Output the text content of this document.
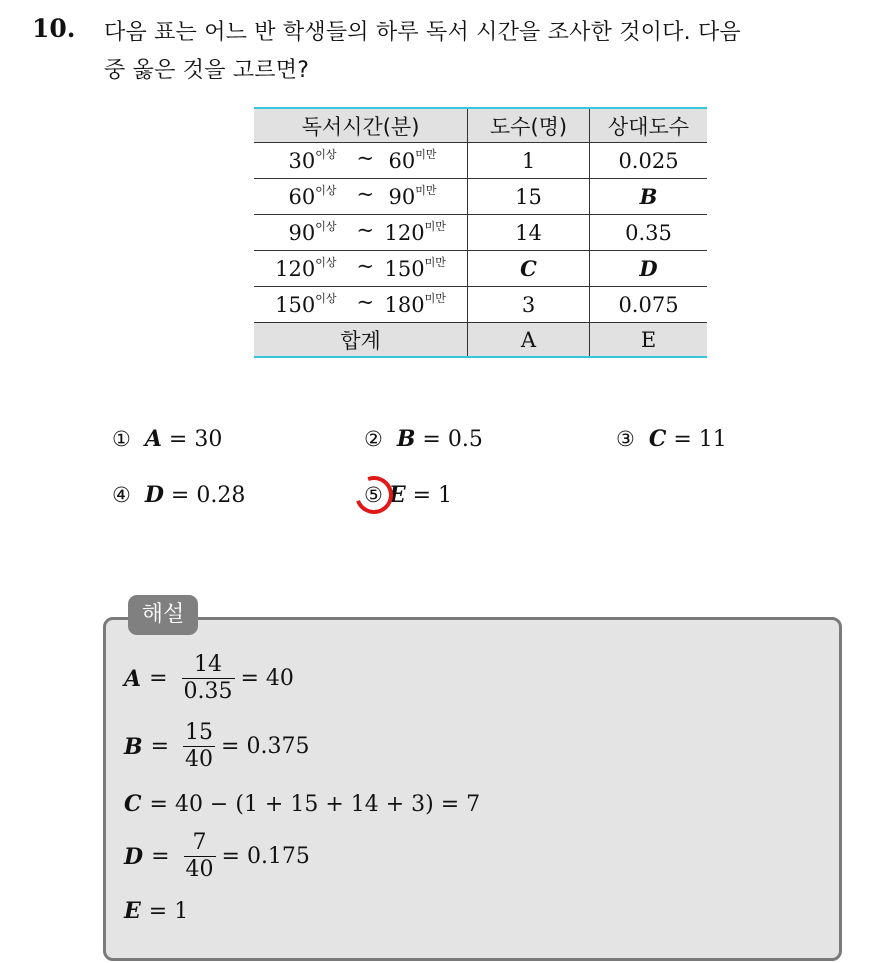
10. 다음 표는 어느 반 학생들의 하루 독서 시간을 조사한 것이다. 다음
중 옳은 것을 고르면?
독서시간(분)	도수(명)	상대도수

$30^{이상}$ ~ $60^{미만}$	1	0.025

$60^{이상}$ ~ $90^{미만}$	15	B

$90^{이상}$ ~ $120^{미만}$	14	0.35

$120^{이상}$ ~ $150^{미만}$	C	D

$150^{이상}$ ~ $180^{미만}$	3	0.075
합계	A	E
① A = 30	② B = 0.5	③ C = 11
④ D = 0.28	⑤ E = 1
해설
$A = \frac{14}{0.35} = 40$
$B = \frac{15}{40} = 0.375$
C = 40 − (1 + 15 + 14 + 3) = 7
$D = \frac{7}{40} = 0.175$
E = 1
